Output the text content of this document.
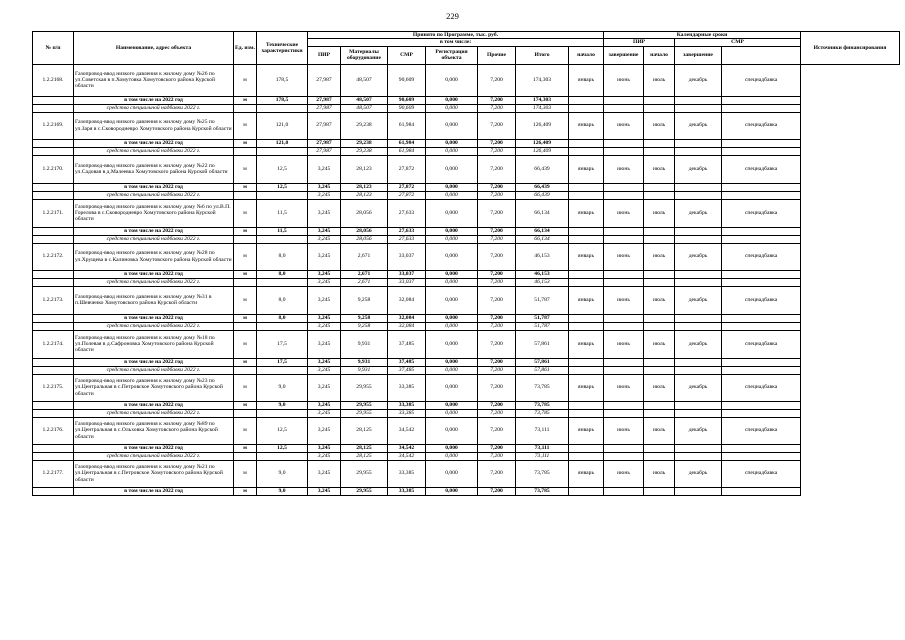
229
№ п/п	Наименование, адрес объекта	Ед. изм.	Технические характеристики	Принято по Программе, тыс. руб.							Календарные сроки				Источники финансирования
				в том числе:							ПИР		СМР		
				ПИР	Материалы оборудование	СМР	Регистрация объекта	Прочие	Итого	начало	завершение	начало	завершение		
1.2.2168.	Газопровод-ввод низкого давления к жилому дому №26 по ул.Советская в п.Хомутовка Хомутовского района Курской области	м	178,5	27,987	48,507	90,609	0,000	7,200	174,303	январь	июнь	июль	декабрь	спецнадбавка	
	в том числе на 2022 год	м	178,5	27,987	48,507	90,609	0,000	7,200	174,303						
	средства специальной надбавки 2022 г.			27,987	48,507	90,609	0,000	7,200	174,303						
1.2.2169.	Газопровод-ввод низкого давления к жилому дому №25 по ул.Заря в с.Сковородневро Хомутовского района Курской области	м	121,0	27,987	29,238	61,984	0,000	7,200	126,409	январь	июнь	июль	декабрь	спецнадбавка	
	в том числе на 2022 год	м	121,0	27,987	29,238	61,984	0,000	7,200	126,409						
	средства специальной надбавки 2022 г.			27,987	29,238	61,984	0,000	7,200	126,409						
1.2.2170.	Газопровод-ввод низкого давления к жилому дому №22 по ул.Садовая в д.Малеевка Хомутовского района Курской области	м	12,5	3,245	28,123	27,872	0,000	7,200	66,439	январь	июнь	июль	декабрь	спецнадбавка	
	в том числе на 2022 год	м	12,5	3,245	28,123	27,872	0,000	7,200	66,439						
	средства специальной надбавки 2022 г.			3,245	28,123	27,872	0,000	7,200	66,439						
1.2.2171.	Газопровод-ввод низкого давления к жилому дому №6 по ул.В.П. Горелова в с.Сковородневро Хомутовского района Курской области	м	11,5	3,245	28,056	27,633	0,000	7,200	66,134	январь	июнь	июль	декабрь	спецнадбавка	
	в том числе на 2022 год	м	11,5	3,245	28,056	27,633	0,000	7,200	66,134						
	средства специальной надбавки 2022 г.			3,245	28,056	27,633	0,000	7,200	66,134						
1.2.2172.	Газопровод-ввод низкого давления к жилому дому №28 по ул.Хрущева в с.Калиновка Хомутовского района Курской области	м	8,0	3,245	2,671	33,037	0,000	7,200	46,153	январь	июнь	июль	декабрь	спецнадбавка	
	в том числе на 2022 год	м	8,0	3,245	2,671	33,037	0,000	7,200	46,153						
	средства специальной надбавки 2022 г.			3,245	2,671	33,037	0,000	7,200	46,153						
1.2.2173.	Газопровод-ввод низкого давления к жилому дому №31 в п.Шевченко Хомутовского района Курской области	м	8,0	3,245	9,258	32,084	0,000	7,200	51,787	январь	июнь	июль	декабрь	спецнадбавка	
	в том числе на 2022 год	м	8,0	3,245	9,258	32,084	0,000	7,200	51,787						
	средства специальной надбавки 2022 г.			3,245	9,258	32,084	0,000	7,200	51,787						
1.2.2174.	Газопровод-ввод низкого давления к жилому дому №18 по ул.Полевая в д.Сафроновка Хомутовского района Курской области	м	17,5	3,245	9,931	37,485	0,000	7,200	57,861	январь	июнь	июль	декабрь	спецнадбавка	
	в том числе на 2022 год	м	17,5	3,245	9,931	37,485	0,000	7,200	57,861						
	средства специальной надбавки 2022 г.			3,245	9,931	37,485	0,000	7,200	57,861						
1.2.2175.	Газопровод-ввод низкого давления к жилому дому №23 по ул.Центральная в с.Петровское Хомутовского района Курской области	м	9,0	3,245	29,955	33,385	0,000	7,200	73,785	январь	июнь	июль	декабрь	спецнадбавка	
	в том числе на 2022 год	м	9,0	3,245	29,955	33,385	0,000	7,200	73,785						
	средства специальной надбавки 2022 г.			3,245	29,955	33,385	0,000	7,200	73,785						
1.2.2176.	Газопровод-ввод низкого давления к жилому дому №89 по ул.Центральная в с.Ольховка Хомутовского района Курской области	м	12,5	3,245	28,125	34,542	0,000	7,200	73,111	январь	июнь	июль	декабрь	спецнадбавка	
	в том числе на 2022 год	м	12,5	3,245	28,125	34,542	0,000	7,200	73,111						
	средства специальной надбавки 2022 г.			3,245	28,125	34,542	0,000	7,200	73,111						
1.2.2177.	Газопровод-ввод низкого давления к жилому дому №21 по ул.Центральная в с.Петровское Хомутовского района Курской области	м	9,0	3,245	29,955	33,385	0,000	7,200	73,785	январь	июнь	июль	декабрь	спецнадбавка	
	в том числе на 2022 год	м	9,0	3,245	29,955	33,385	0,000	7,200	73,785						
